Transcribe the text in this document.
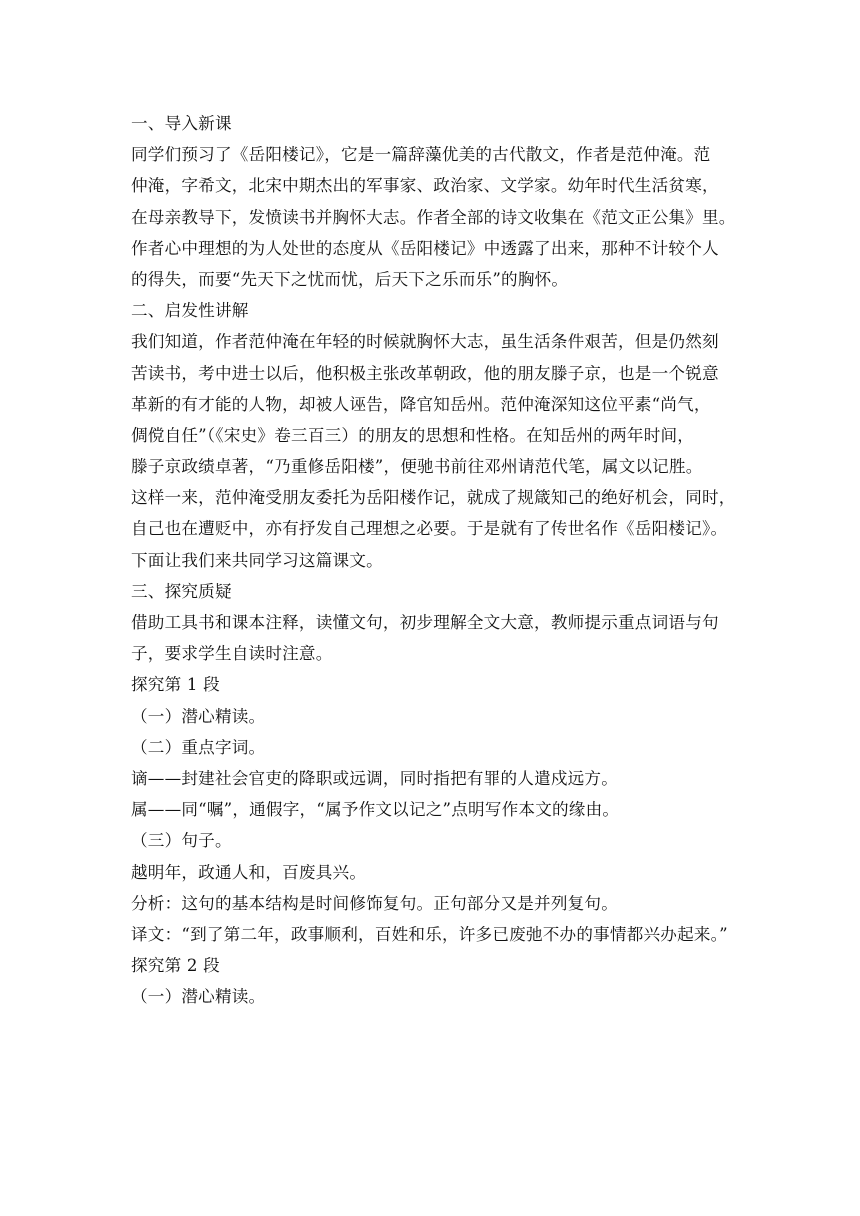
一、导入新课
同学们预习了《岳阳楼记》，它是一篇辞藻优美的古代散文，作者是范仲淹。范
仲淹，字希文，北宋中期杰出的军事家、政治家、文学家。幼年时代生活贫寒，
在母亲教导下，发愤读书并胸怀大志。作者全部的诗文收集在《范文正公集》里。
作者心中理想的为人处世的态度从《岳阳楼记》中透露了出来，那种不计较个人
的得失，而要“先天下之忧而忧，后天下之乐而乐”的胸怀。
二、启发性讲解
我们知道，作者范仲淹在年轻的时候就胸怀大志，虽生活条件艰苦，但是仍然刻
苦读书，考中进士以后，他积极主张改革朝政，他的朋友滕子京，也是一个锐意
革新的有才能的人物，却被人诬告，降官知岳州。范仲淹深知这位平素“尚气，
倜傥自任”（《宋史》卷三百三）的朋友的思想和性格。在知岳州的两年时间，
滕子京政绩卓著，“乃重修岳阳楼”，便驰书前往邓州请范代笔，属文以记胜。
这样一来，范仲淹受朋友委托为岳阳楼作记，就成了规箴知己的绝好机会，同时，
自己也在遭贬中，亦有抒发自己理想之必要。于是就有了传世名作《岳阳楼记》。
下面让我们来共同学习这篇课文。
三、探究质疑
借助工具书和课本注释，读懂文句，初步理解全文大意，教师提示重点词语与句
子，要求学生自读时注意。
探究第 1 段
（一）潜心精读。
（二）重点字词。
谪——封建社会官吏的降职或远调，同时指把有罪的人遣戍远方。
属——同“嘱”，通假字，“属予作文以记之”点明写作本文的缘由。
（三）句子。
越明年，政通人和，百废具兴。
分析：这句的基本结构是时间修饰复句。正句部分又是并列复句。
译文：“到了第二年，政事顺利，百姓和乐，许多已废弛不办的事情都兴办起来。”
探究第 2 段
（一）潜心精读。
